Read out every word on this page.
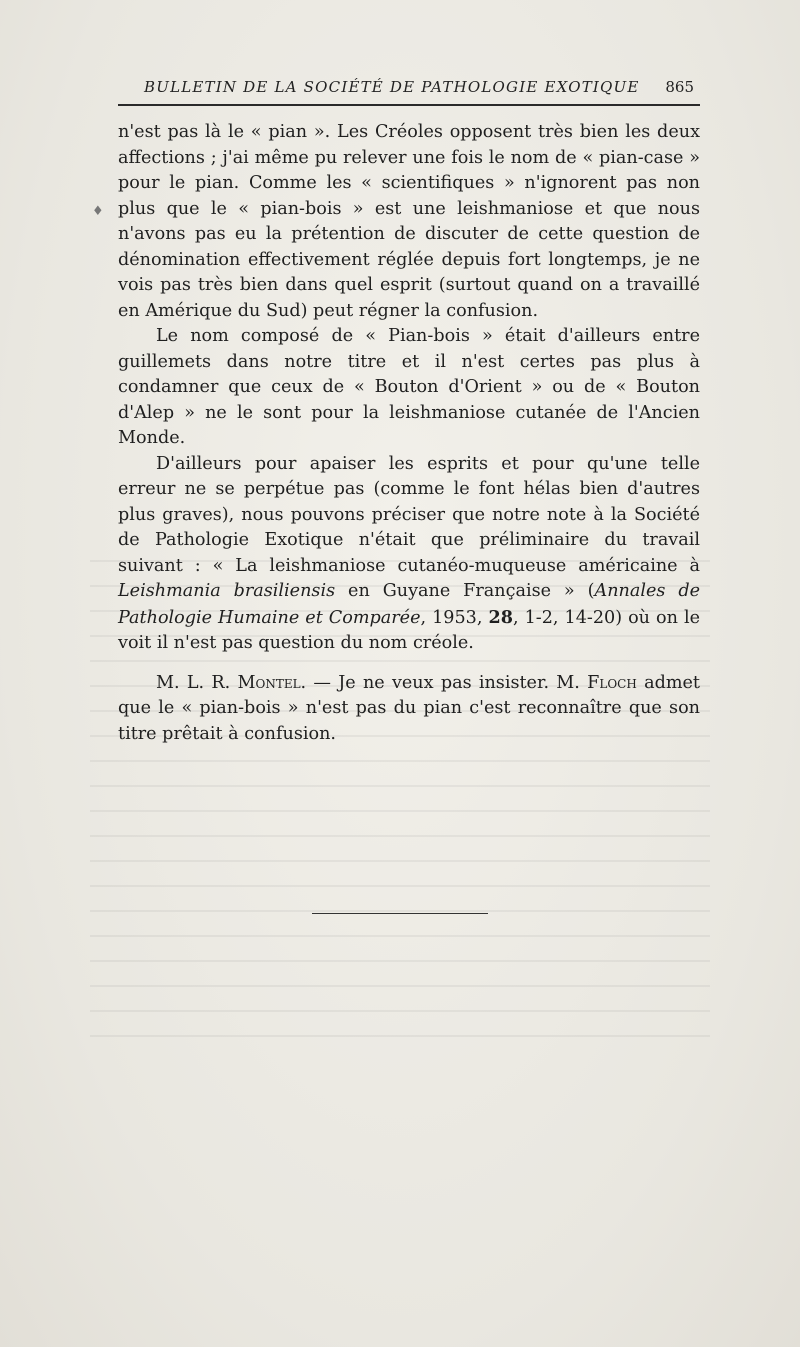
BULLETIN DE LA SOCIÉTÉ DE PATHOLOGIE EXOTIQUE 865
♦

n'est pas là le « pian ». Les Créoles opposent très bien les deux affections ; j'ai même pu relever une fois le nom de « pian-case » pour le pian. Comme les « scientifiques » n'ignorent pas non plus que le « pian-bois » est une leishmaniose et que nous n'avons pas eu la prétention de discuter de cette question de dénomination effectivement réglée depuis fort longtemps, je ne vois pas très bien dans quel esprit (surtout quand on a travaillé en Amérique du Sud) peut régner la confusion.

Le nom composé de « Pian-bois » était d'ailleurs entre guillemets dans notre titre et il n'est certes pas plus à condamner que ceux de « Bouton d'Orient » ou de « Bouton d'Alep » ne le sont pour la leishmaniose cutanée de l'Ancien Monde.

D'ailleurs pour apaiser les esprits et pour qu'une telle erreur ne se perpétue pas (comme le font hélas bien d'autres plus graves), nous pouvons préciser que notre note à la Société de Pathologie Exotique n'était que préliminaire du travail suivant : « La leishmaniose cutanéo-muqueuse américaine à Leishmania brasiliensis en Guyane Française » (Annales de Pathologie Humaine et Comparée, 1953, 28, 1-2, 14-20) où on le voit il n'est pas question du nom créole.

M. L. R. Montel. — Je ne veux pas insister. M. Floch admet que le « pian-bois » n'est pas du pian c'est reconnaître que son titre prêtait à confusion.
